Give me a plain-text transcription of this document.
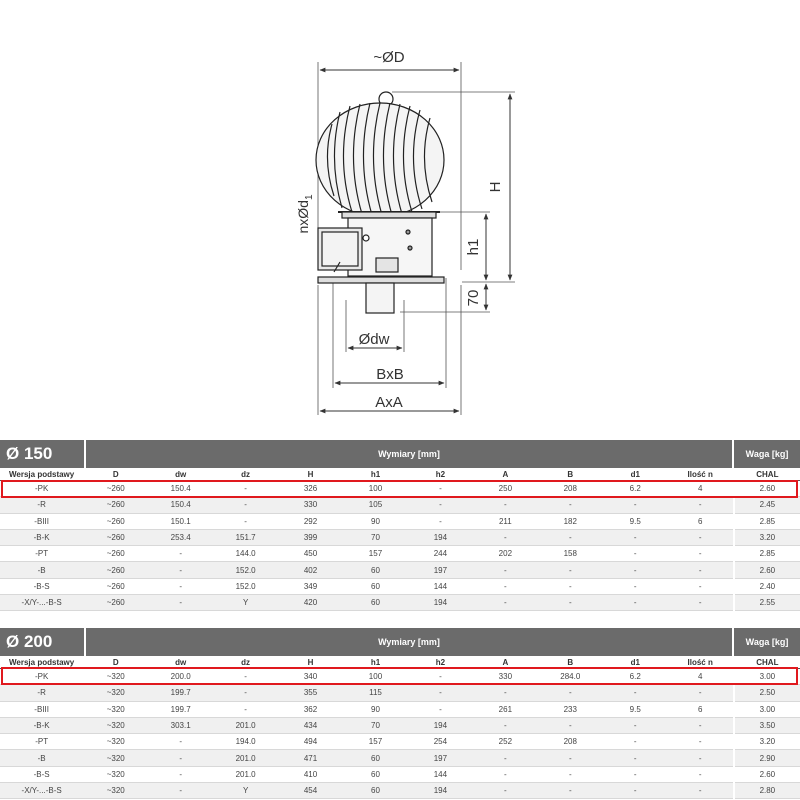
~ØD
H
h1
70
nxØd$_1$
Ødw
BxB
AxA
Ø 150	Wymiary [mm]	Waga [kg]
Wersja podstawy	D	dw	dz	H	h1	h2	A	B	d1	Ilość n	CHAL
-PK	~260	150.4	-	326	100	-	250	208	6.2	4	2.60
-R	~260	150.4	-	330	105	-	-	-	-	-	2.45
-BIII	~260	150.1	-	292	90	-	211	182	9.5	6	2.85
-B-K	~260	253.4	151.7	399	70	194	-	-	-	-	3.20
-PT	~260	-	144.0	450	157	244	202	158	-	-	2.85
-B	~260	-	152.0	402	60	197	-	-	-	-	2.60
-B-S	~260	-	152.0	349	60	144	-	-	-	-	2.40
-X/Y-...-B-S	~260	-	Y	420	60	194	-	-	-	-	2.55
Ø 200	Wymiary [mm]	Waga [kg]
Wersja podstawy	D	dw	dz	H	h1	h2	A	B	d1	Ilość n	CHAL
-PK	~320	200.0	-	340	100	-	330	284.0	6.2	4	3.00
-R	~320	199.7	-	355	115	-	-	-	-	-	2.50
-BIII	~320	199.7	-	362	90	-	261	233	9.5	6	3.00
-B-K	~320	303.1	201.0	434	70	194	-	-	-	-	3.50
-PT	~320	-	194.0	494	157	254	252	208	-	-	3.20
-B	~320	-	201.0	471	60	197	-	-	-	-	2.90
-B-S	~320	-	201.0	410	60	144	-	-	-	-	2.60
-X/Y-...-B-S	~320	-	Y	454	60	194	-	-	-	-	2.80
